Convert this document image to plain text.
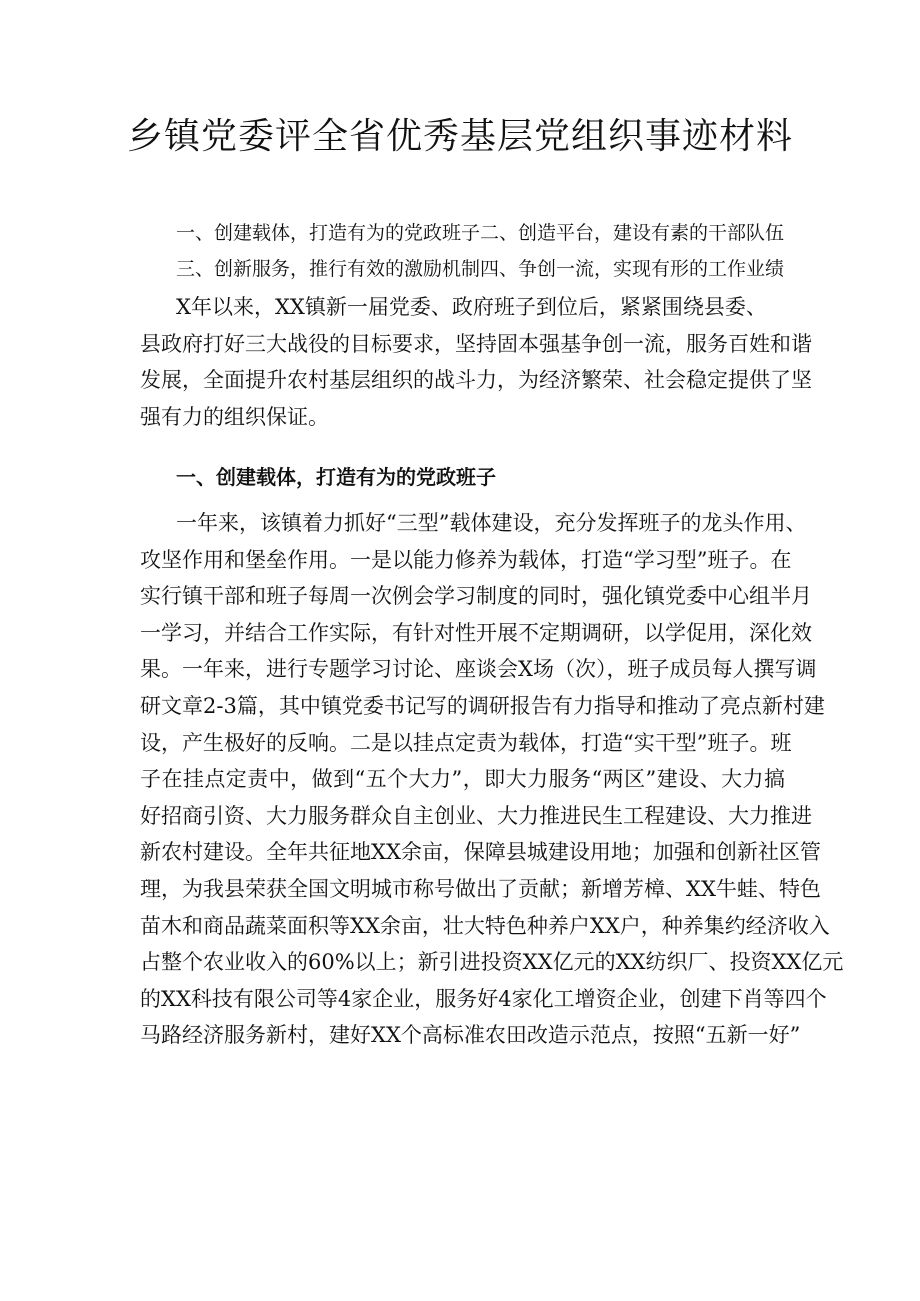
乡镇党委评全省优秀基层党组织事迹材料

一、创建载体，打造有为的党政班子二、创造平台，建设有素的干部队伍

三、创新服务，推行有效的激励机制四、争创一流，实现有形的工作业绩

X年以来，XX镇新一届党委、政府班子到位后，紧紧围绕县委、
县政府打好三大战役的目标要求，坚持固本强基争创一流，服务百姓和谐
发展，全面提升农村基层组织的战斗力，为经济繁荣、社会稳定提供了坚
强有力的组织保证。
一、创建载体，打造有为的党政班子
一年来，该镇着力抓好“三型”载体建设，充分发挥班子的龙头作用、
攻坚作用和堡垒作用。一是以能力修养为载体，打造“学习型”班子。在
实行镇干部和班子每周一次例会学习制度的同时，强化镇党委中心组半月
一学习，并结合工作实际，有针对性开展不定期调研，以学促用，深化效
果。一年来，进行专题学习讨论、座谈会X场（次），班子成员每人撰写调
研文章2-3篇，其中镇党委书记写的调研报告有力指导和推动了亮点新村建
设，产生极好的反响。二是以挂点定责为载体，打造“实干型”班子。班
子在挂点定责中，做到“五个大力”，即大力服务“两区”建设、大力搞
好招商引资、大力服务群众自主创业、大力推进民生工程建设、大力推进
新农村建设。全年共征地XX余亩，保障县城建设用地；加强和创新社区管
理，为我县荣获全国文明城市称号做出了贡献；新增芳樟、XX牛蛙、特色
苗木和商品蔬菜面积等XX余亩，壮大特色种养户XX户，种养集约经济收入
占整个农业收入的60%以上；新引进投资XX亿元的XX纺织厂、投资XX亿元
的XX科技有限公司等4家企业，服务好4家化工增资企业，创建下肖等四个
马路经济服务新村，建好XX个高标准农田改造示范点，按照“五新一好”
